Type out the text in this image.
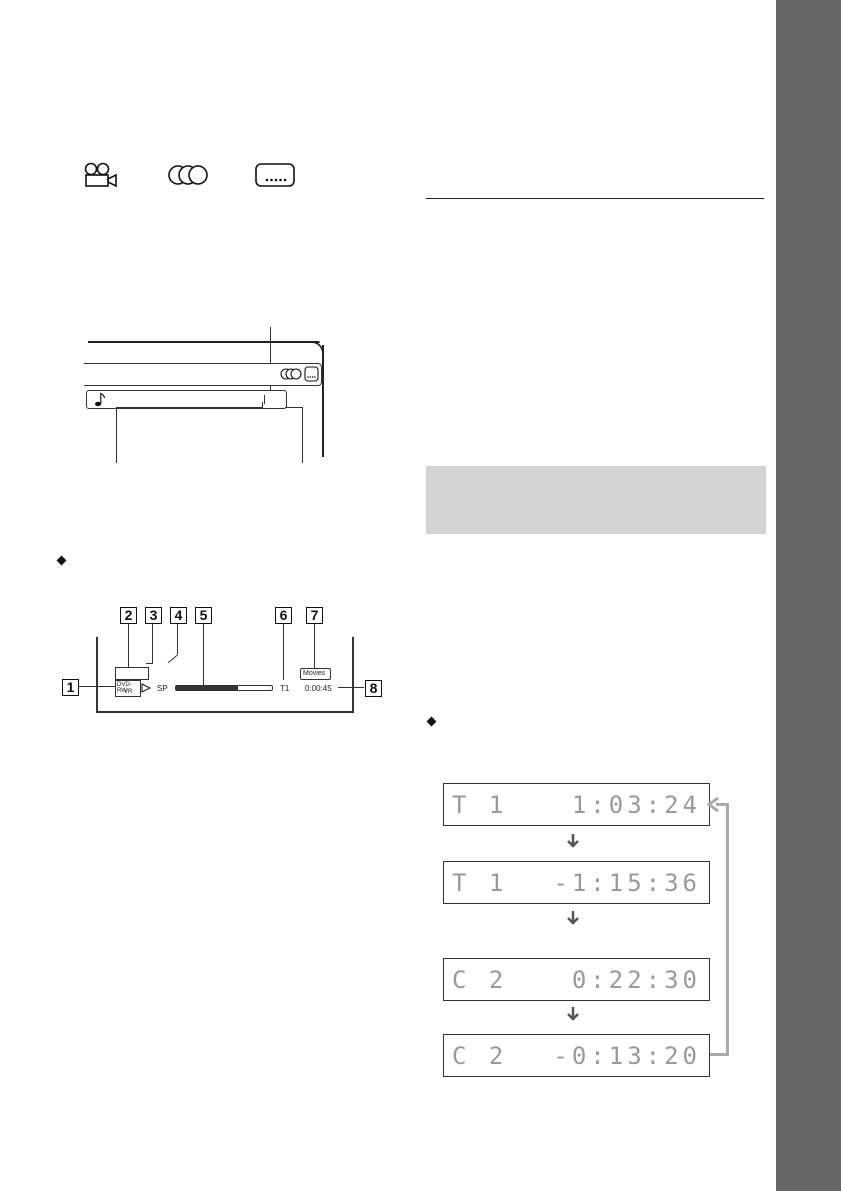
2	3	4	5	6	7
1	8
DVD-RW
VR	SP	T1 0:00:45
Movies
T 1	1:03:24
T 1 -1:15:36
C 2	0:22:30
C 2 -0:13:20
